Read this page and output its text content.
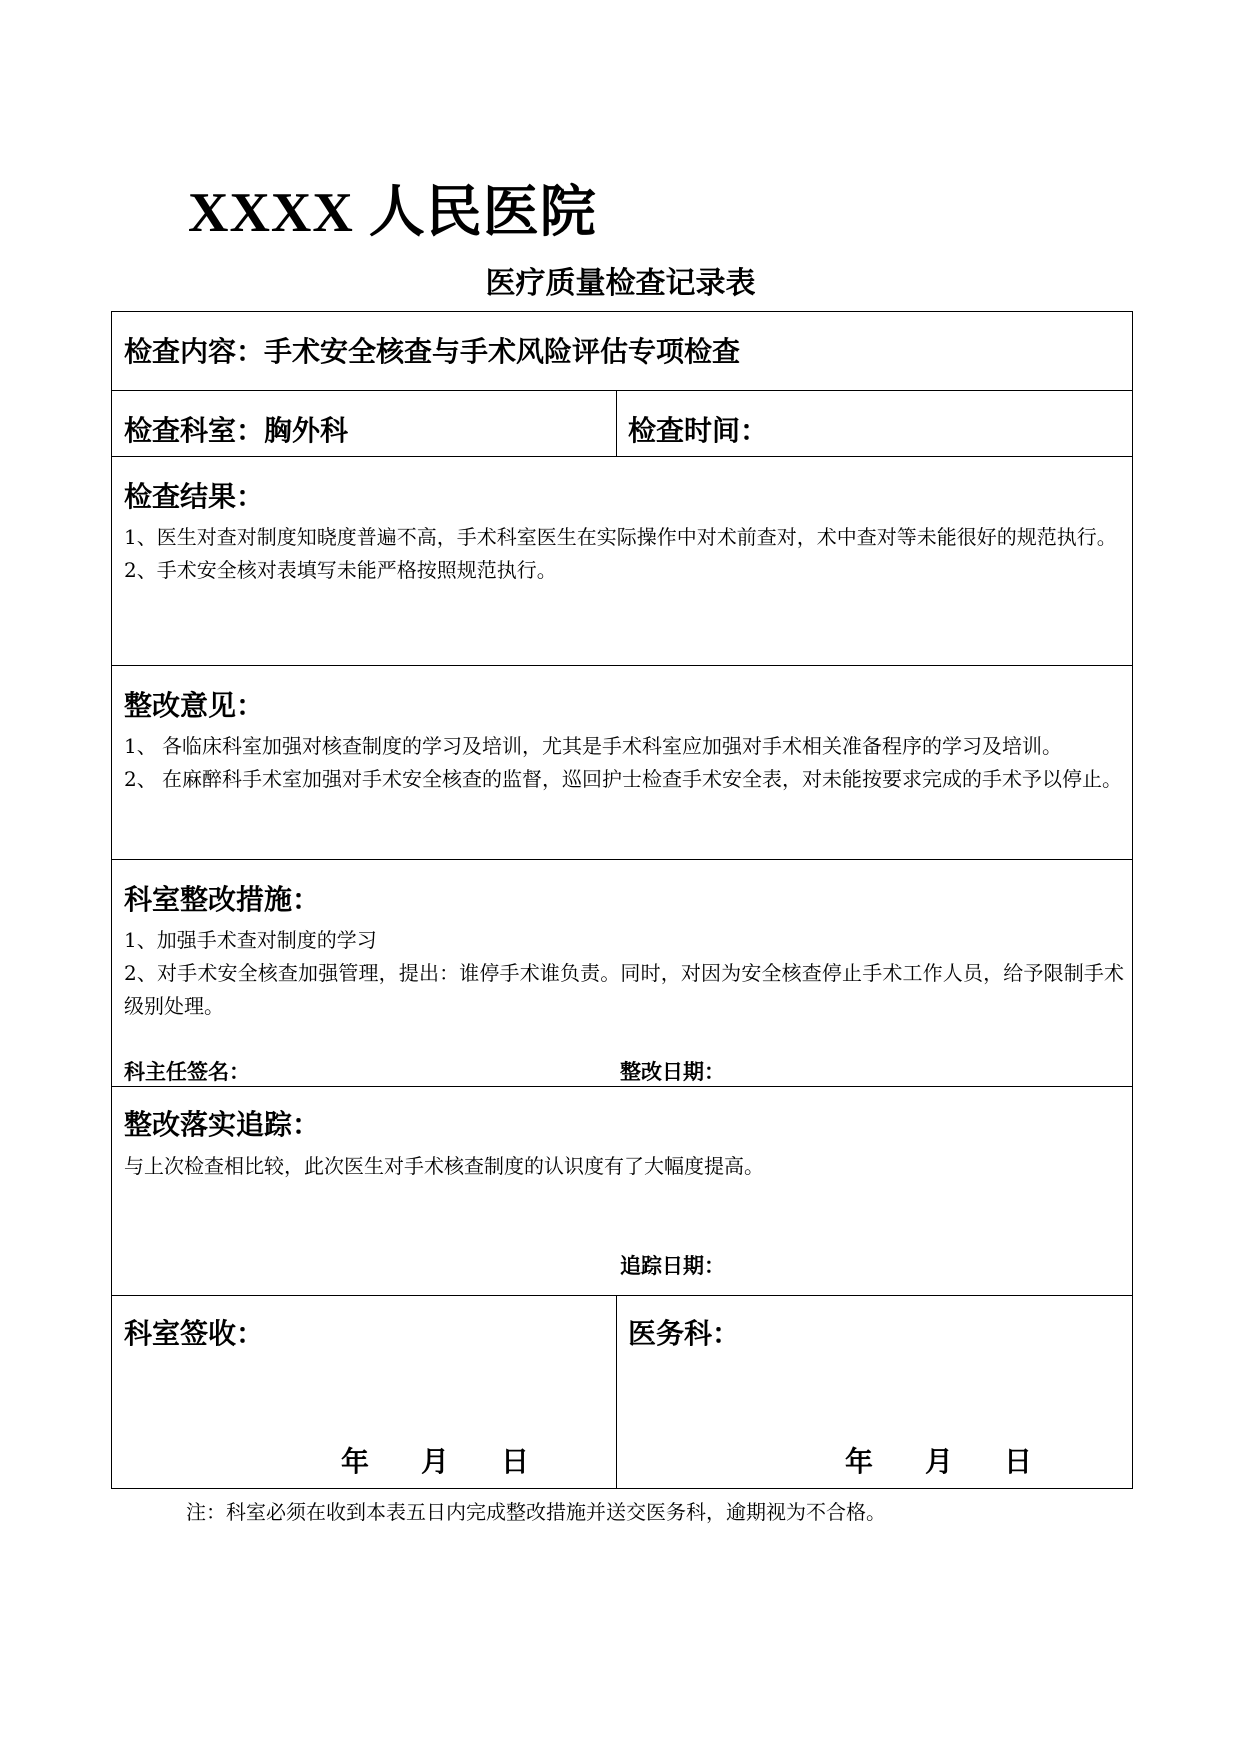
XXXX 人民医院
医疗质量检查记录表
检查内容：手术安全核查与手术风险评估专项检查
检查科室：胸外科	检查时间：
检查结果：
1、医生对查对制度知晓度普遍不高，手术科室医生在实际操作中对术前查对，术中查对等未能很好的规范执行。
2、手术安全核对表填写未能严格按照规范执行。
整改意见：
1、 各临床科室加强对核查制度的学习及培训，尤其是手术科室应加强对手术相关准备程序的学习及培训。
2、 在麻醉科手术室加强对手术安全核查的监督，巡回护士检查手术安全表，对未能按要求完成的手术予以停止。
科室整改措施：
1、加强手术查对制度的学习
2、对手术安全核查加强管理，提出：谁停手术谁负责。同时，对因为安全核查停止手术工作人员，给予限制手术级别处理。
科主任签名：	整改日期：
整改落实追踪：
与上次检查相比较，此次医生对手术核查制度的认识度有了大幅度提高。
追踪日期：
科室签收：
年 月 日
医务科：
年 月 日
注：科室必须在收到本表五日内完成整改措施并送交医务科，逾期视为不合格。
